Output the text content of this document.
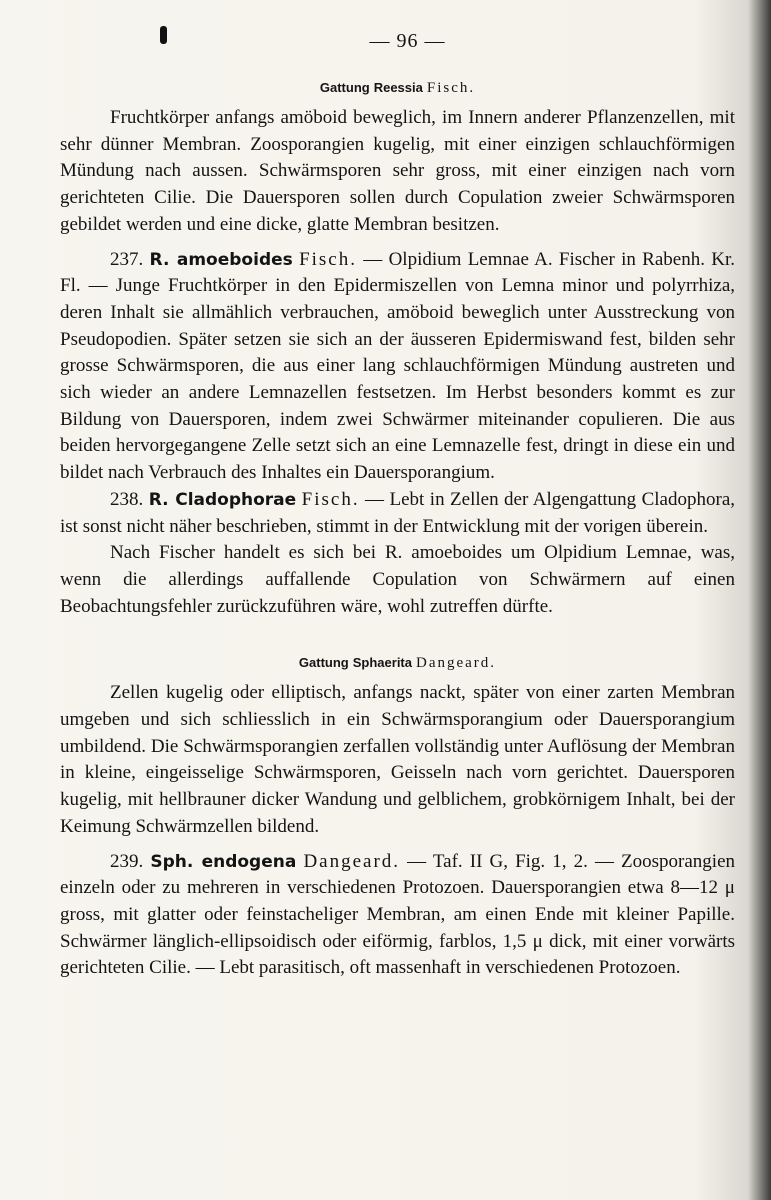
— 96 —
Gattung Reessia Fisch.

Fruchtkörper anfangs amöboid beweglich, im Innern anderer Pflanzenzellen, mit sehr dünner Membran. Zoosporangien kugelig, mit einer einzigen schlauchförmigen Mündung nach aussen. Schwärmsporen sehr gross, mit einer einzigen nach vorn gerichteten Cilie. Die Dauersporen sollen durch Copulation zweier Schwärmsporen gebildet werden und eine dicke, glatte Membran besitzen.

237. R. amoeboides Fisch. — Olpidium Lemnae A. Fischer in Rabenh. Kr. Fl. — Junge Fruchtkörper in den Epidermiszellen von Lemna minor und polyrrhiza, deren Inhalt sie allmählich verbrauchen, amöboid beweglich unter Ausstreckung von Pseudopodien. Später setzen sie sich an der äusseren Epidermiswand fest, bilden sehr grosse Schwärmsporen, die aus einer lang schlauchförmigen Mündung austreten und sich wieder an andere Lemnazellen festsetzen. Im Herbst besonders kommt es zur Bildung von Dauersporen, indem zwei Schwärmer miteinander copulieren. Die aus beiden hervorgegangene Zelle setzt sich an eine Lemnazelle fest, dringt in diese ein und bildet nach Verbrauch des Inhaltes ein Dauersporangium.

238. R. Cladophorae Fisch. — Lebt in Zellen der Algengattung Cladophora, ist sonst nicht näher beschrieben, stimmt in der Entwicklung mit der vorigen überein.

Nach Fischer handelt es sich bei R. amoeboides um Olpidium Lemnae, was, wenn die allerdings auffallende Copulation von Schwärmern auf einen Beobachtungsfehler zurückzuführen wäre, wohl zutreffen dürfte.

Gattung Sphaerita Dangeard.

Zellen kugelig oder elliptisch, anfangs nackt, später von einer zarten Membran umgeben und sich schliesslich in ein Schwärmsporangium oder Dauersporangium umbildend. Die Schwärmsporangien zerfallen vollständig unter Auflösung der Membran in kleine, eingeisselige Schwärmsporen, Geisseln nach vorn gerichtet. Dauersporen kugelig, mit hellbrauner dicker Wandung und gelblichem, grobkörnigem Inhalt, bei der Keimung Schwärmzellen bildend.

239. Sph. endogena Dangeard. — Taf. II G, Fig. 1, 2. — Zoosporangien einzeln oder zu mehreren in verschiedenen Protozoen. Dauersporangien etwa 8—12 μ gross, mit glatter oder feinstacheliger Membran, am einen Ende mit kleiner Papille. Schwärmer länglich-ellipsoidisch oder eiförmig, farblos, 1,5 μ dick, mit einer vorwärts gerichteten Cilie. — Lebt parasitisch, oft massenhaft in verschiedenen Protozoen.
